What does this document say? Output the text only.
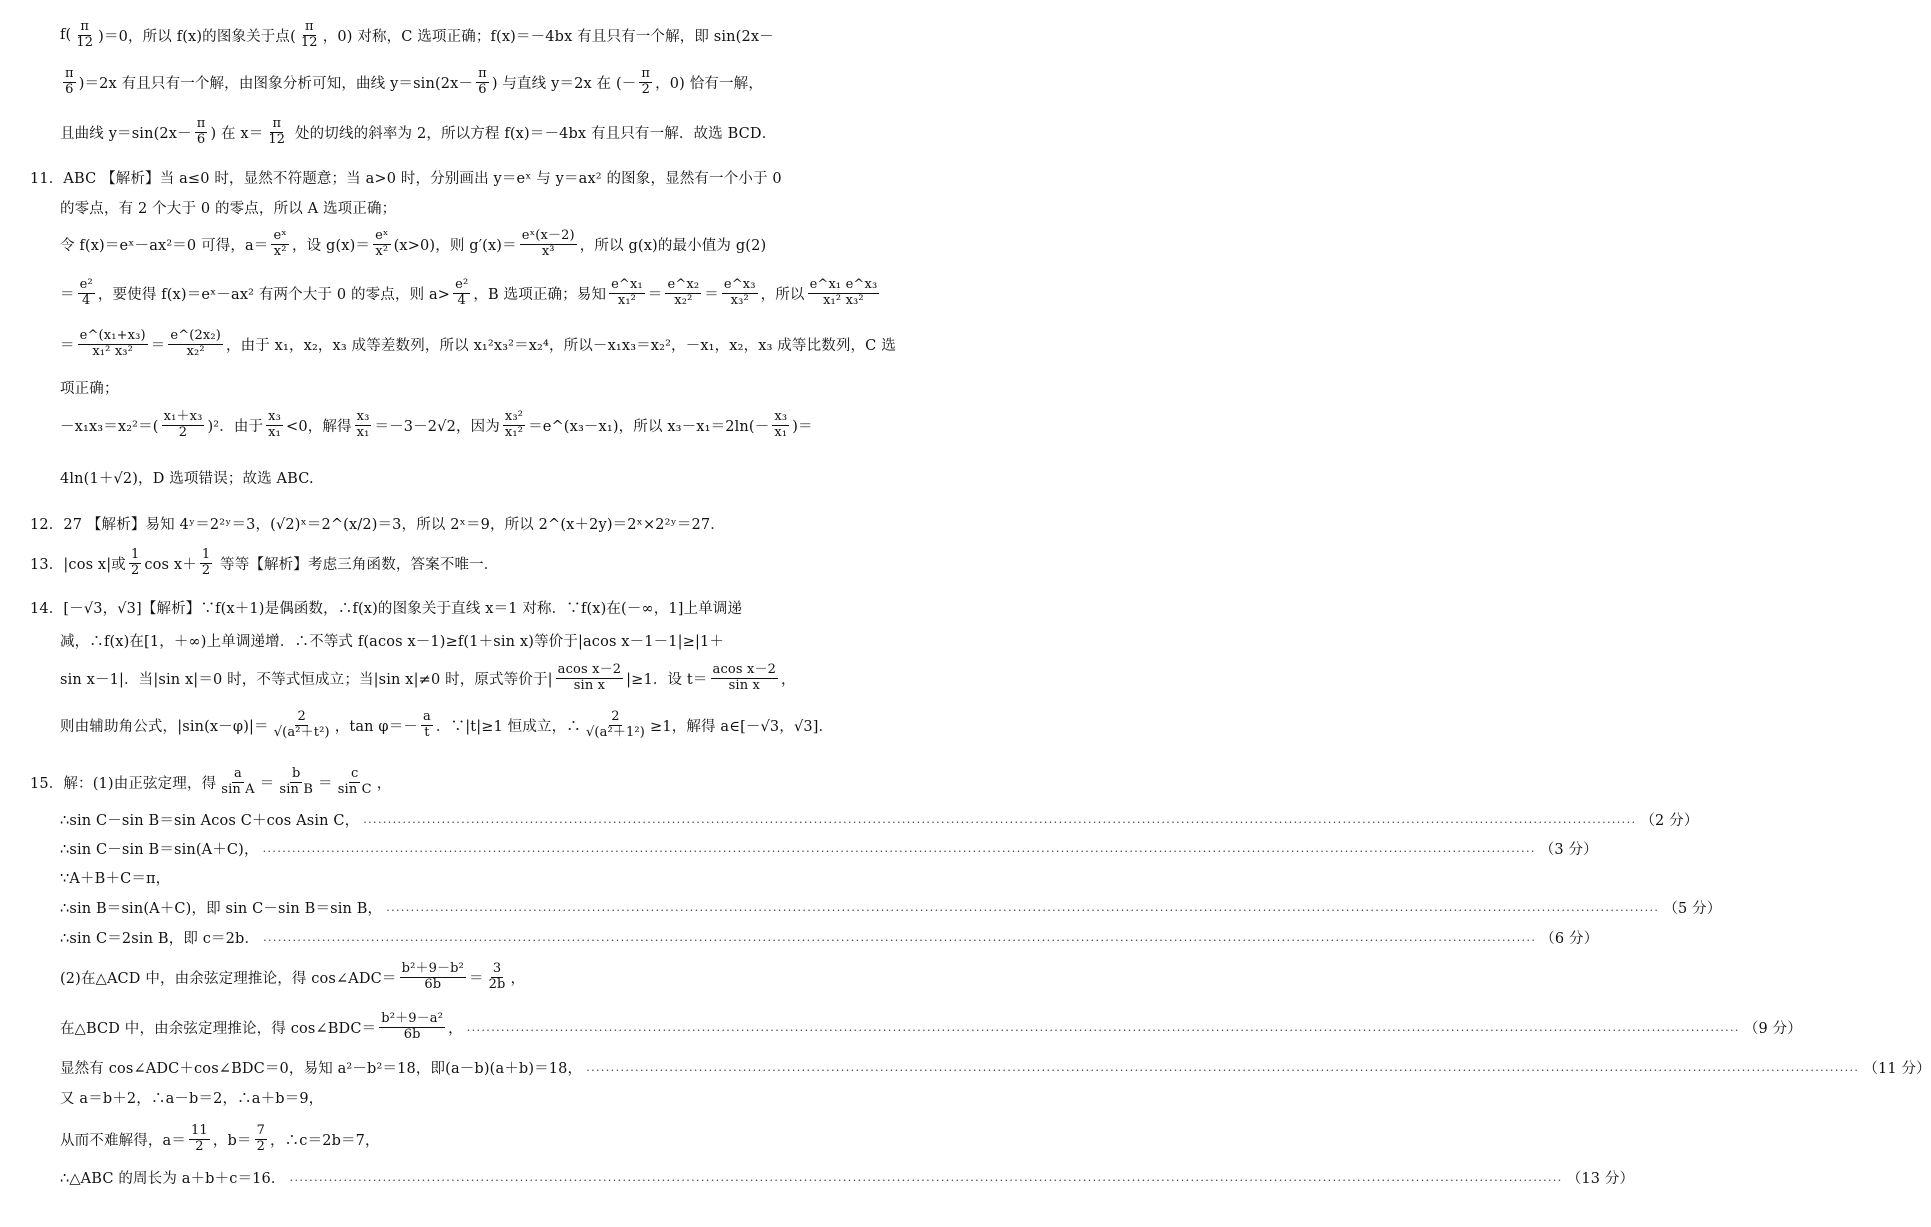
f(
π
12 )＝0，所以 f(x)的图象关于点(
π
12 ，0) 对称，C 选项正确；f(x)＝－4bx 有且只有一个解，即 sin(2x－
π
6 )＝2x 有且只有一个解，由图象分析可知，曲线 y＝sin(2x－
π
6 ) 与直线 y＝2x 在 (－
π
2 ，0) 恰有一解，
且曲线 y＝sin(2x－
π
6 ) 在 x＝
π
12 处的切线的斜率为 2，所以方程 f(x)＝－4bx 有且只有一解．故选 BCD．
11．ABC 【解析】当 a≤0 时，显然不符题意；当 a>0 时，分别画出 y＝eˣ 与 y＝ax² 的图象，显然有一个小于 0
的零点，有 2 个大于 0 的零点，所以 A 选项正确；
令 f(x)＝eˣ－ax²＝0 可得，a＝
eˣ
x² ，设 g(x)＝
eˣ
x² (x>0)，则 g′(x)＝
eˣ(x－2)
x³ ，所以 g(x)的最小值为 g(2)
＝
e²
4 ，要使得 f(x)＝eˣ－ax² 有两个大于 0 的零点，则 a>
e²
4 ，B 选项正确；易知
e^x₁
x₁² ＝
e^x₂
x₂² ＝
e^x₃
x₃² ，所以
e^x₁ e^x₃
x₁² x₃²
＝
e^(x₁+x₃)
x₁² x₃² ＝
e^(2x₂)
x₂² ，由于 x₁，x₂，x₃ 成等差数列，所以 x₁²x₃²＝x₂⁴，所以－x₁x₃＝x₂²，－x₁，x₂，x₃ 成等比数列，C 选
项正确；
－x₁x₃＝x₂²＝(
x₁＋x₃
2 )²．由于
x₃
x₁ <0，解得
x₃
x₁ ＝－3－2√2，因为
x₃²
x₁² ＝e^(x₃－x₁)，所以 x₃－x₁＝2ln(－
x₃
x₁ )＝
4ln(1＋√2)，D 选项错误；故选 ABC.
12．27 【解析】易知 4ʸ＝2²ʸ＝3，(√2)ˣ＝2^(x/2)＝3，所以 2ˣ＝9，所以 2^(x＋2y)＝2ˣ×2²ʸ＝27．
13．|cos x|或
1
2 cos x＋
1
2 等等【解析】考虑三角函数，答案不唯一．
14．[－√3，√3]【解析】∵f(x＋1)是偶函数，∴f(x)的图象关于直线 x＝1 对称．∵f(x)在(－∞，1]上单调递
减，∴f(x)在[1，＋∞)上单调递增．∴不等式 f(acos x－1)≥f(1＋sin x)等价于|acos x－1－1|≥|1＋
sin x－1|．当|sin x|＝0 时，不等式恒成立；当|sin x|≠0 时，原式等价于|
acos x－2
sin x |≥1．设 t＝
acos x－2
sin x ，
则由辅助角公式，|sin(x－φ)|＝
2
√(a²＋t²) ，tan φ＝－
a
t ．∵|t|≥1 恒成立，∴ $\frac{2}{\text{√(a²＋1²)}} \ge 1$，解得 a∈[－√3，√3]．
15．解：(1)由正弦定理，得
a
sin A ＝
b
sin B ＝
c
sin C ，
∴sin C－sin B＝sin Acos C＋cos Asin C， .....	（2 分）
∴sin C－sin B＝sin(A＋C)， .....	（3 分）
∵A＋B＋C＝π，
∴sin B＝sin(A＋C)，即 sin C－sin B＝sin B， .....	（5 分）
∴sin C＝2sin B，即 c＝2b． .....	（6 分）
(2)在△ACD 中，由余弦定理推论，得 cos∠ADC＝
b²＋9－b²
6b ＝
3
2b ，
在△BCD 中，由余弦定理推论，得 cos∠BDC＝
b²＋9－a²
6b ， .....	（9 分）
显然有 cos∠ADC＋cos∠BDC＝0，易知 a²－b²＝18，即(a－b)(a＋b)＝18， .....	（11 分）
又 a＝b＋2，∴a－b＝2，∴a＋b＝9，
从而不难解得，a＝
11
2 ，b＝
7
2 ，∴c＝2b＝7，
∴△ABC 的周长为 a＋b＋c＝16． .....	（13 分）
